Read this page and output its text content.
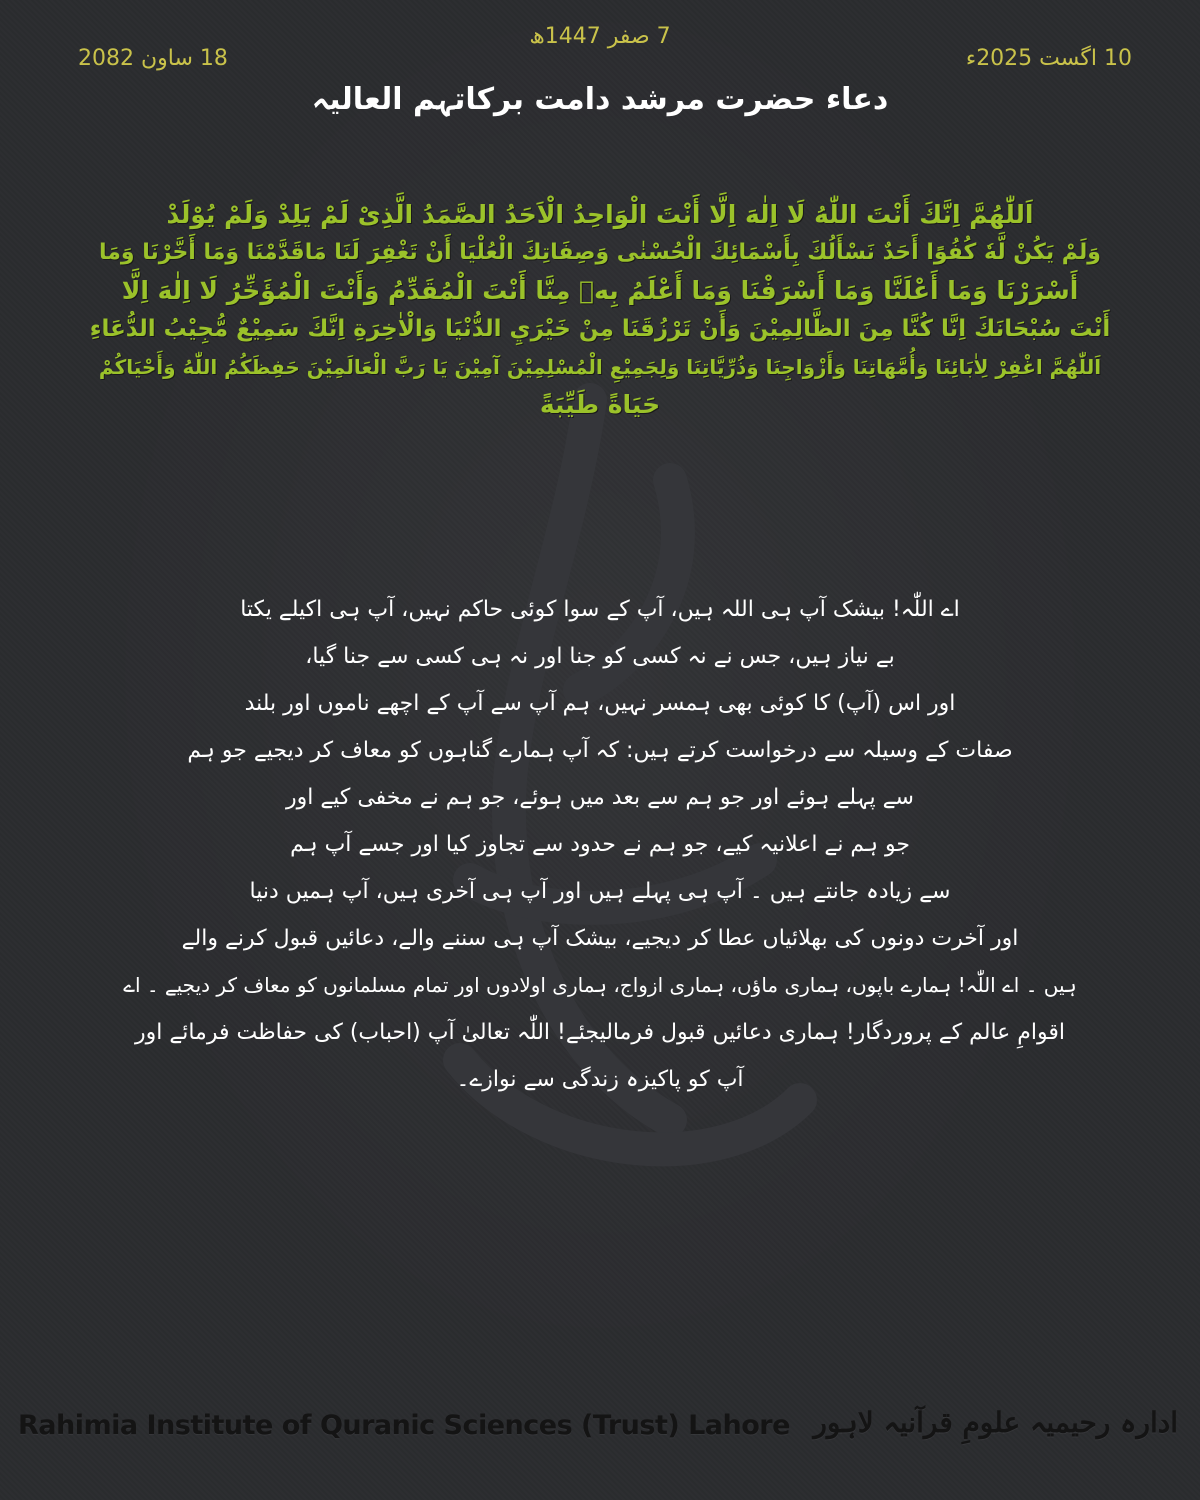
7 صفر 1447ھ
10 اگست 2025ء
18 ساون 2082
دعاء حضرت مرشد دامت برکاتہم العالیہ
اَللّٰھُمَّ اِنَّكَ أَنْتَ اللّٰهُ لَا اِلٰهَ اِلَّا أَنْتَ الْوَاحِدُ الْاَحَدُ الصَّمَدُ الَّذِیْ لَمْ يَلِدْ وَلَمْ يُوْلَدْ
وَلَمْ يَكُنْ لَّهٗ كُفُوًا أَحَدٌ نَسْأَلُكَ بِأَسْمَائِكَ الْحُسْنٰى وَصِفَاتِكَ الْعُلْيَا أَنْ تَغْفِرَ لَنَا مَاقَدَّمْنَا وَمَا أَخَّرْنَا وَمَا
أَسْرَرْنَا وَمَا أَعْلَنَّا وَمَا أَسْرَفْنَا وَمَا أَعْلَمُ بِهٖ مِنَّا أَنْتَ الْمُقَدِّمُ وَأَنْتَ الْمُؤَخِّرُ لَا اِلٰهَ اِلَّا
أَنْتَ سُبْحَانَكَ اِنَّا كُنَّا مِنَ الظَّالِمِيْنَ وَأَنْ تَرْزُقَنَا مِنْ خَيْرَيِ الدُّنْيَا وَالْاٰخِرَةِ اِنَّكَ سَمِيْعٌ مُّجِيْبُ الدُّعَاءِ
اَللّٰھُمَّ اغْفِرْ لِاٰبَائِنَا وَأُمَّهَاتِنَا وَأَزْوَاجِنَا وَذُرِّيَّاتِنَا وَلِجَمِيْعِ الْمُسْلِمِيْنَ آمِيْنَ يَا رَبَّ الْعَالَمِيْنَ حَفِظَكُمُ اللّٰهُ وَأَحْيَاكُمْ
حَيَاةً طَيِّبَةً
اے اللّٰہ! بیشک آپ ہی اللہ ہیں، آپ کے سوا کوئی حاکم نہیں، آپ ہی اکیلے یکتا
بے نیاز ہیں، جس نے نہ کسی کو جنا اور نہ ہی کسی سے جنا گیا،
اور اس (آپ) کا کوئی بھی ہمسر نہیں، ہم آپ سے آپ کے اچھے ناموں اور بلند
صفات کے وسیلہ سے درخواست کرتے ہیں: کہ آپ ہمارے گناہوں کو معاف کر دیجیے جو ہم
سے پہلے ہوئے اور جو ہم سے بعد میں ہوئے، جو ہم نے مخفی کیے اور
جو ہم نے اعلانیہ کیے، جو ہم نے حدود سے تجاوز کیا اور جسے آپ ہم
سے زیادہ جانتے ہیں ۔ آپ ہی پہلے ہیں اور آپ ہی آخری ہیں، آپ ہمیں دنیا
اور آخرت دونوں کی بھلائیاں عطا کر دیجیے، بیشک آپ ہی سننے والے، دعائیں قبول کرنے والے
ہیں ۔ اے اللّٰہ! ہمارے باپوں، ہماری ماؤں، ہماری ازواج، ہماری اولادوں اور تمام مسلمانوں کو معاف کر دیجیے ۔ اے
اقوامِ عالم کے پروردگار! ہماری دعائیں قبول فرمالیجئے! اللّٰہ تعالیٰ آپ (احباب) کی حفاظت فرمائے اور
آپ کو پاکیزہ زندگی سے نوازے۔
Rahimia Institute of Quranic Sciences (Trust) Lahore ادارہ رحیمیہ علومِ قرآنیہ لاہور
